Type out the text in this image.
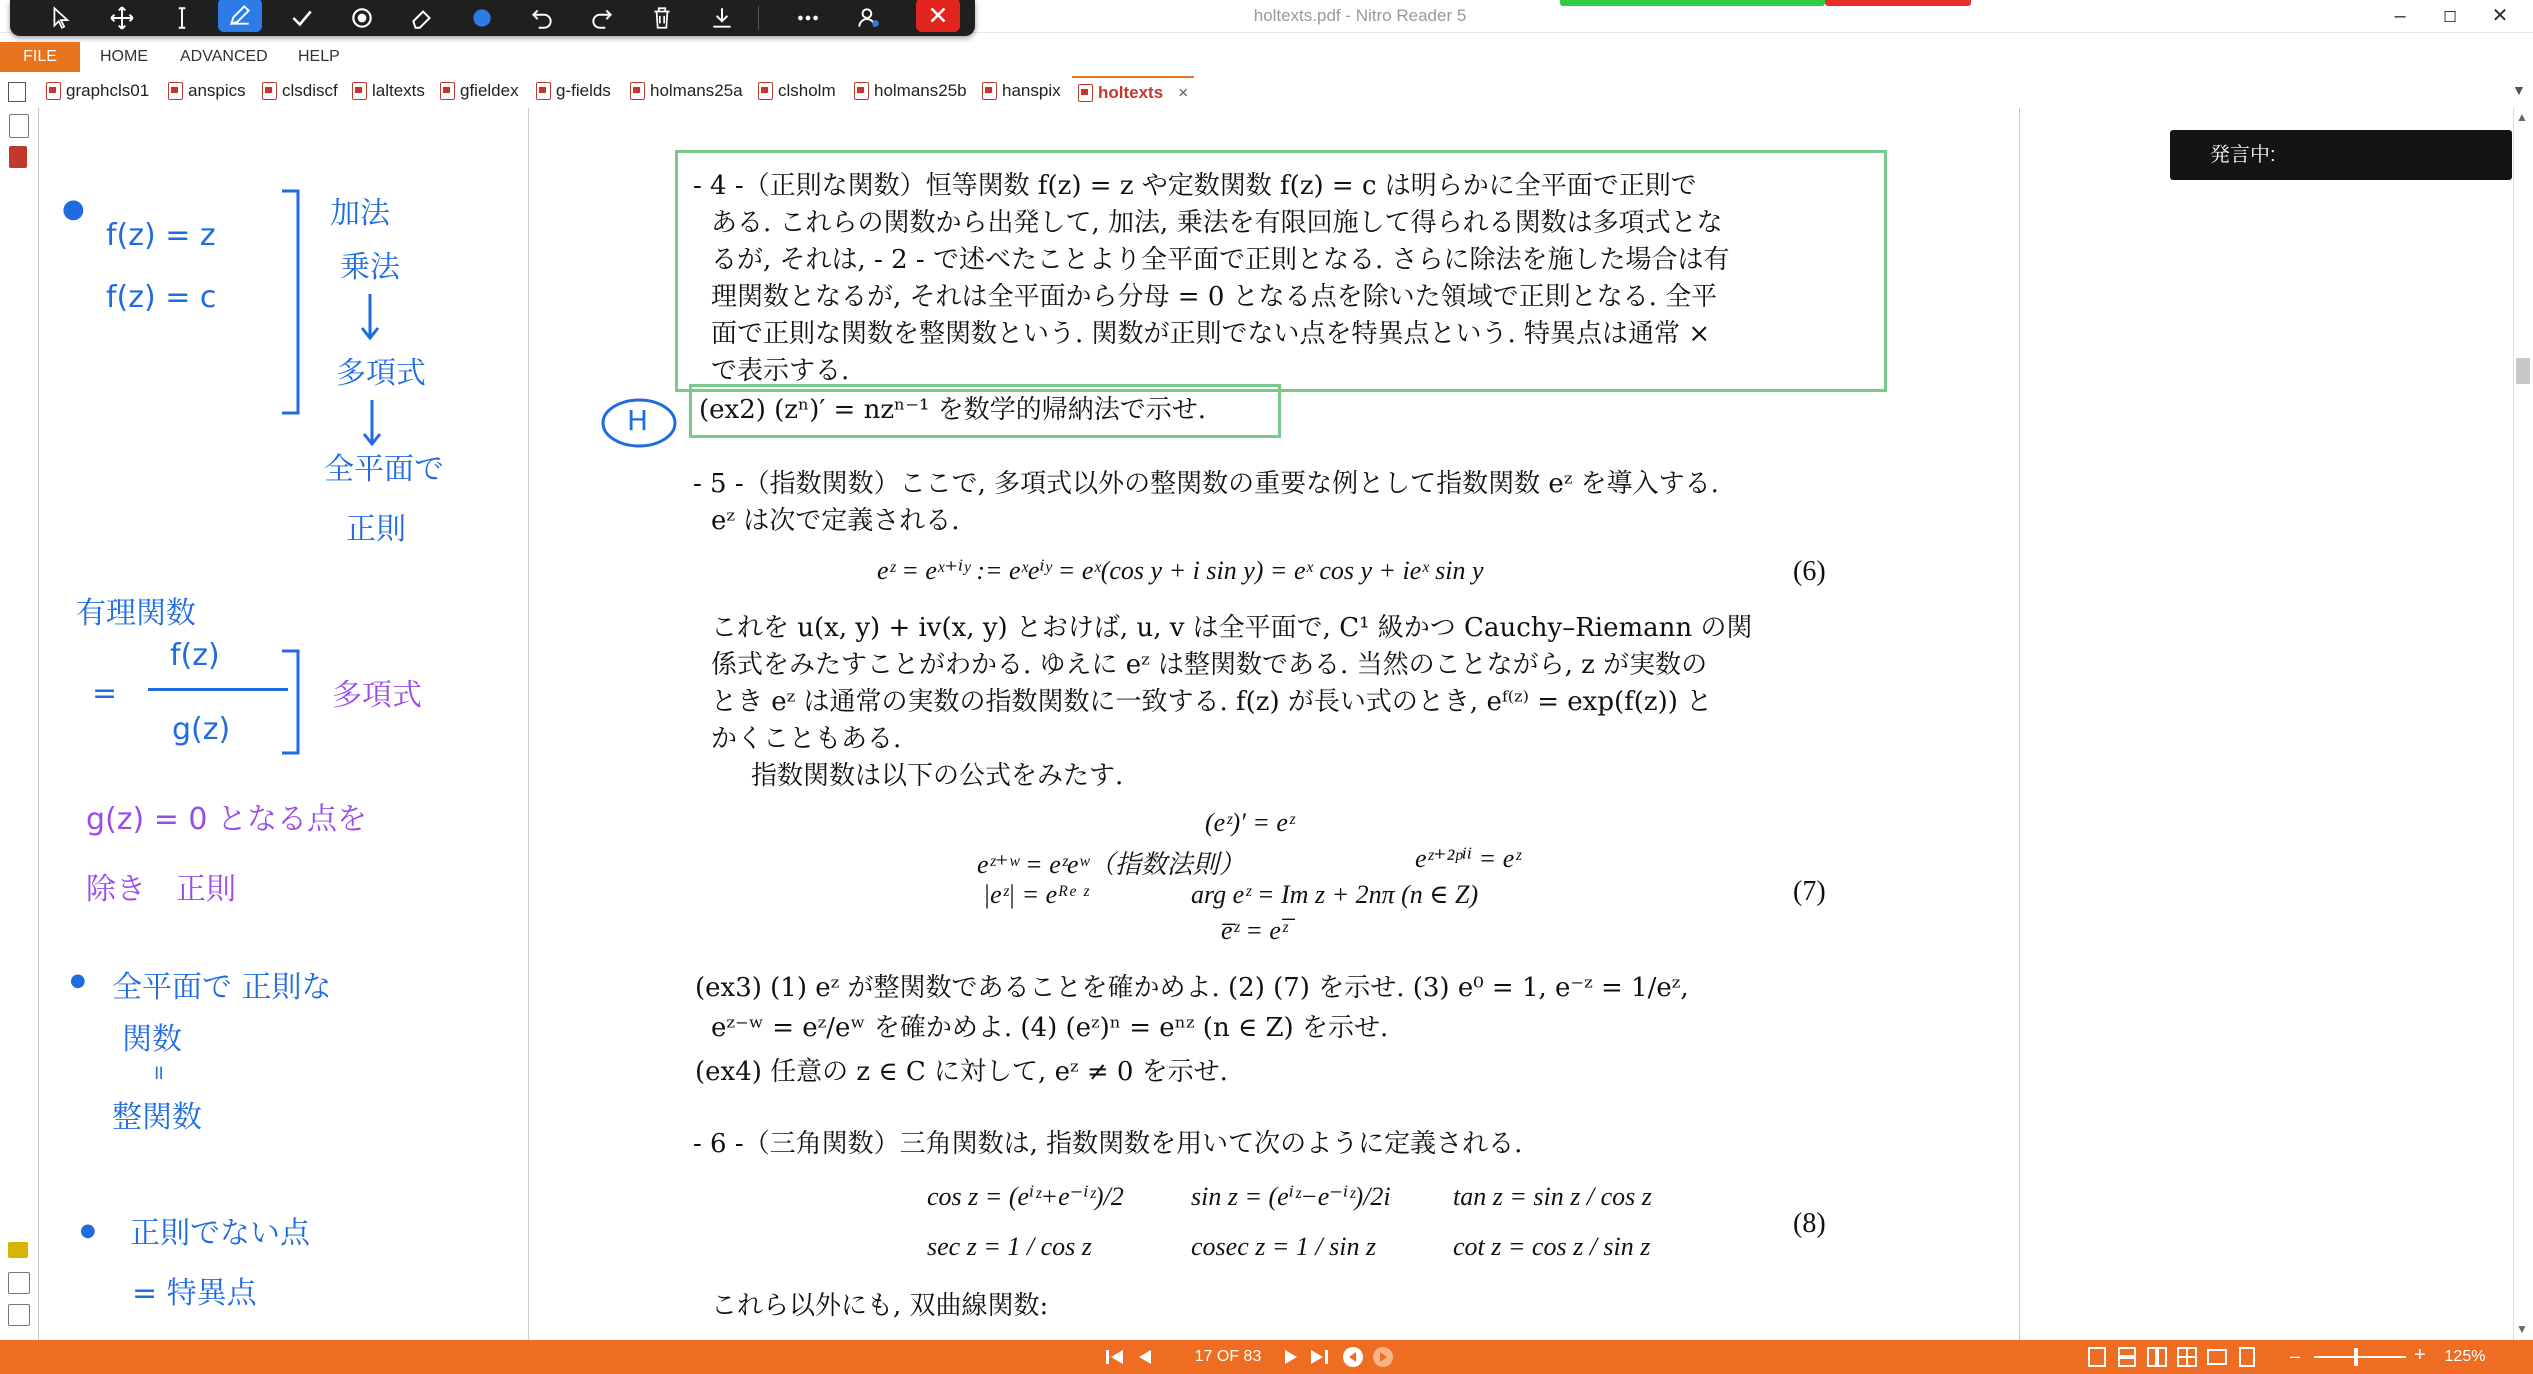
holtexts.pdf - Nitro Reader 5	–	◻	✕
FILE	HOME ADVANCED HELP
graphcls01 anspics clsdiscf laltexts gfieldex g-fields holmans25a clsholm holmans25b hanspix holtexts ×	▼
●
f(z) = z
f(z) = c
加法
乗法
多項式
全平面で
正則
有理関数
=
f(z)
g(z)
多項式
g(z) = 0 となる点を
除き　正則
● 全平面で 正則な
関数
॥
整関数
● 正則でない点
= 特異点
- 4 -（正則な関数）恒等関数 f(z) = z や定数関数 f(z) = c は明らかに全平面で正則で
ある. これらの関数から出発して, 加法, 乗法を有限回施して得られる関数は多項式とな
るが, それは, - 2 - で述べたことより全平面で正則となる. さらに除法を施した場合は有
理関数となるが, それは全平面から分母 = 0 となる点を除いた領域で正則となる. 全平
面で正則な関数を整関数という. 関数が正則でない点を特異点という. 特異点は通常 ×
で表示する.
(ex2) (zⁿ)′ = nzⁿ⁻¹ を数学的帰納法で示せ.
H
- 5 -（指数関数）ここで, 多項式以外の整関数の重要な例として指数関数 eᶻ を導入する.
eᶻ は次で定義される.
eᶻ = eˣ⁺ⁱʸ := eˣeⁱʸ = eˣ(cos y + i sin y) = eˣ cos y + ieˣ sin y	(6)
これを u(x, y) + iv(x, y) とおけば, u, v は全平面で, C¹ 級かつ Cauchy–Riemann の関
係式をみたすことがわかる. ゆえに eᶻ は整関数である. 当然のことながら, z が実数の
とき eᶻ は通常の実数の指数関数に一致する. f(z) が長い式のとき, eᶠ⁽ᶻ⁾ = exp(f(z)) と
かくこともある.
　指数関数は以下の公式をみたす.
(eᶻ)′ = eᶻ
eᶻ⁺ʷ = eᶻeʷ（指数法則）	eᶻ⁺²ᵖⁱⁱ = eᶻ
|eᶻ| = eᴿᵉ ᶻ	arg eᶻ = Im z + 2nπ (n ∈ Z)
e̅ᶻ = eᶻ̅
(7)
(ex3) (1) eᶻ が整関数であることを確かめよ. (2) (7) を示せ. (3) e⁰ = 1, e⁻ᶻ = 1/eᶻ,
eᶻ⁻ʷ = eᶻ/eʷ を確かめよ. (4) (eᶻ)ⁿ = eⁿᶻ (n ∈ Z) を示せ.
(ex4) 任意の z ∈ C に対して, eᶻ ≠ 0 を示せ.
- 6 -（三角関数）三角関数は, 指数関数を用いて次のように定義される.
cos z = (eⁱᶻ+e⁻ⁱᶻ)/2	sin z = (eⁱᶻ−e⁻ⁱᶻ)/2i tan z = sin z / cos z
sec z = 1 / cos z	cosec z = 1 / sin z	cot z = cos z / sin z
(8)
これら以外にも, 双曲線関数:
発言中:
▲
▼
17 OF 83	–	+	125%
